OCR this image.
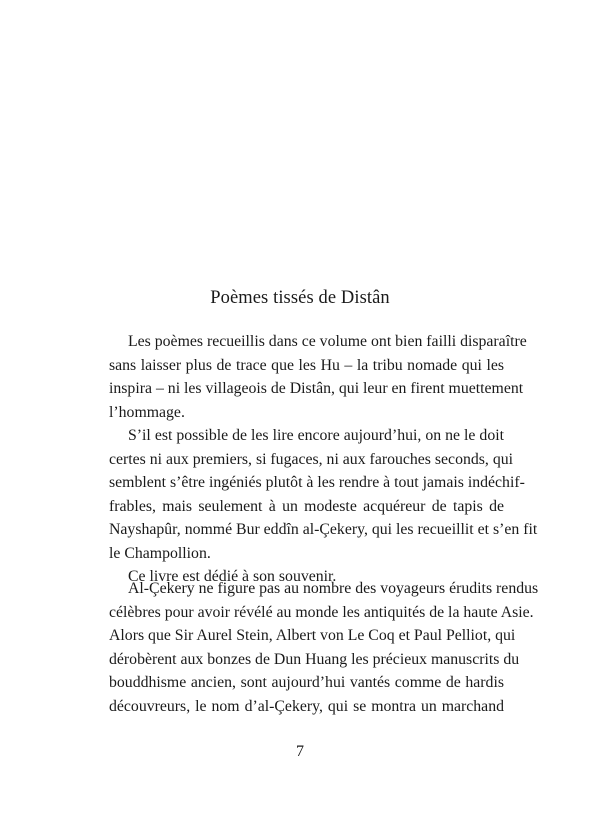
Poèmes tissés de Distân
Les poèmes recueillis dans ce volume ont bien failli disparaître
sans laisser plus de trace que les Hu – la tribu nomade qui les
inspira – ni les villageois de Distân, qui leur en firent muettement
l’hommage.
S’il est possible de les lire encore aujourd’hui, on ne le doit
certes ni aux premiers, si fugaces, ni aux farouches seconds, qui
semblent s’être ingéniés plutôt à les rendre à tout jamais indéchif-
frables, mais seulement à un modeste acquéreur de tapis de
Nayshapûr, nommé Bur eddîn al-Çekery, qui les recueillit et s’en fit
le Champollion.
Ce livre est dédié à son souvenir.
Al-Çekery ne figure pas au nombre des voyageurs érudits rendus
célèbres pour avoir révélé au monde les antiquités de la haute Asie.
Alors que Sir Aurel Stein, Albert von Le Coq et Paul Pelliot, qui
dérobèrent aux bonzes de Dun Huang les précieux manuscrits du
bouddhisme ancien, sont aujourd’hui vantés comme de hardis
découvreurs, le nom d’al-Çekery, qui se montra un marchand
7
